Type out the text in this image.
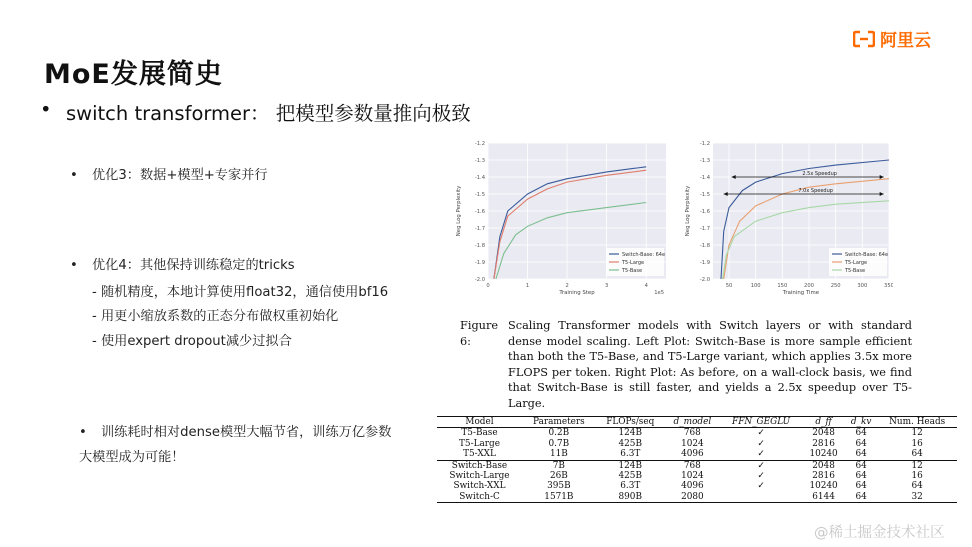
阿里云
MoE发展简史
• switch transformer： 把模型参数量推向极致
• 优化3：数据+模型+专家并行
• 优化4：其他保持训练稳定的tricks
- 随机精度，本地计算使用float32，通信使用bf16
- 用更小缩放系数的正态分布做权重初始化
- 使用expert dropout减少过拟合
• 训练耗时相对dense模型大幅节省，训练万亿参数
大模型成为可能！
-1.2
-1.3
-1.4
-1.5
-1.6
-1.7
-1.8
-1.9
-2.0
0	1	2	3	4
Training Step
Neg Log Perplexity
1e5
Switch-Base: 64e
T5-Large
T5-Base
-1.2
-1.3
-1.4
-1.5
-1.6
-1.7
-1.8
-1.9
-2.0
50	100	150	200	250	300	350
Training Time
Neg Log Perplexity
2.5x Speedup
7.0x Speedup
Switch-Base: 64e
T5-Large
T5-Base
Figure 6:
Scaling Transformer models with Switch layers or with standard dense model scaling. Left Plot: Switch-Base is more sample efficient than both the T5-Base, and T5-Large variant, which applies 3.5x more FLOPS per token. Right Plot: As before, on a wall-clock basis, we find that Switch-Base is still faster, and yields a 2.5x speedup over T5-Large.
Model	Parameters	FLOPs/seq	d_model	FFN_GEGLU	d_ff	d_kv	Num. Heads
T5-Base	0.2B	124B	768	✓	2048	64	12
T5-Large	0.7B	425B	1024	✓	2816	64	16
T5-XXL	11B	6.3T	4096	✓	10240	64	64
Switch-Base	7B	124B	768	✓	2048	64	12
Switch-Large	26B	425B	1024	✓	2816	64	16
Switch-XXL	395B	6.3T	4096	✓	10240	64	64
Switch-C	1571B	890B	2080		6144	64	32
@稀土掘金技术社区
